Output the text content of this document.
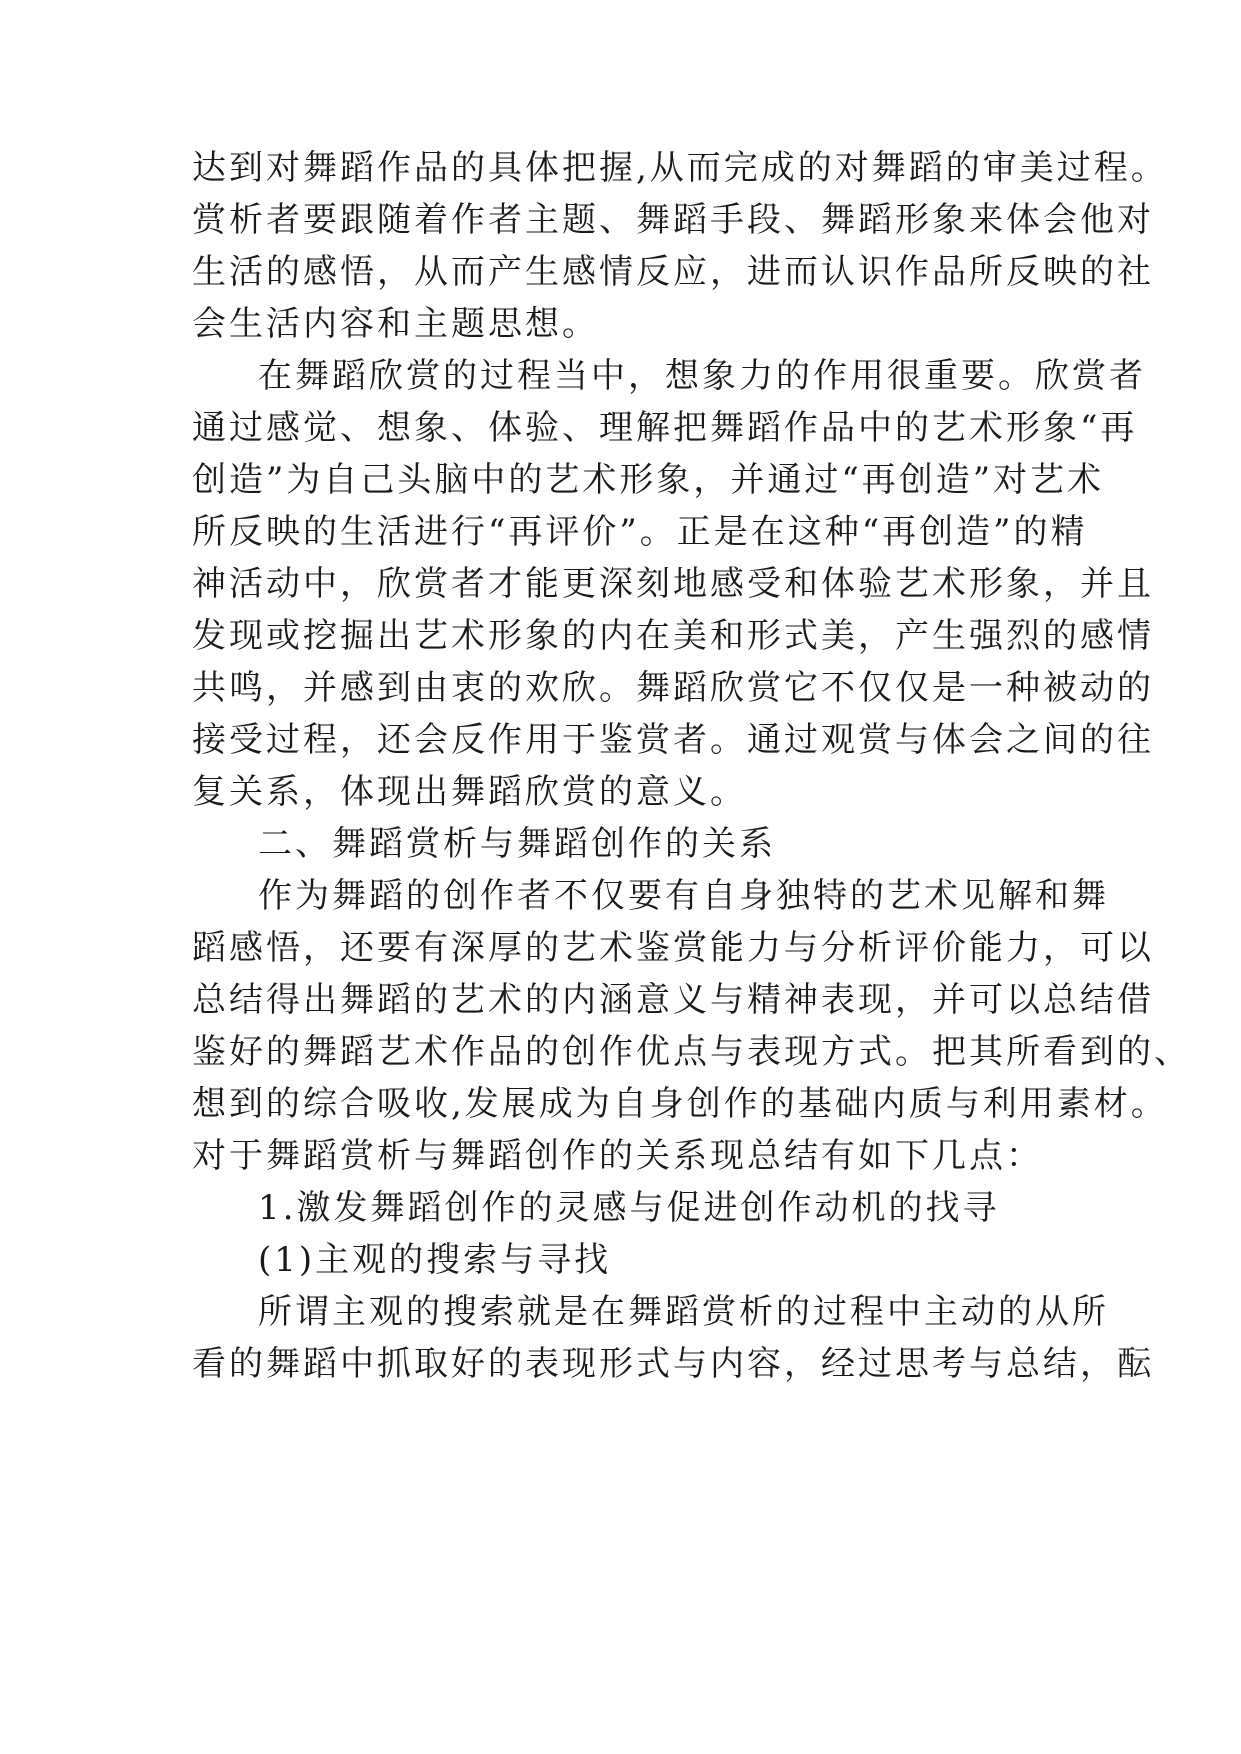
达到对舞蹈作品的具体把握,从而完成的对舞蹈的审美过程。
赏析者要跟随着作者主题、舞蹈手段、舞蹈形象来体会他对
生活的感悟，从而产生感情反应，进而认识作品所反映的社
会生活内容和主题思想。
在舞蹈欣赏的过程当中，想象力的作用很重要。欣赏者
通过感觉、想象、体验、理解把舞蹈作品中的艺术形象“再
创造”为自己头脑中的艺术形象，并通过“再创造”对艺术
所反映的生活进行“再评价”。正是在这种“再创造”的精
神活动中，欣赏者才能更深刻地感受和体验艺术形象，并且
发现或挖掘出艺术形象的内在美和形式美，产生强烈的感情
共鸣，并感到由衷的欢欣。舞蹈欣赏它不仅仅是一种被动的
接受过程，还会反作用于鉴赏者。通过观赏与体会之间的往
复关系，体现出舞蹈欣赏的意义。
二、舞蹈赏析与舞蹈创作的关系
作为舞蹈的创作者不仅要有自身独特的艺术见解和舞
蹈感悟，还要有深厚的艺术鉴赏能力与分析评价能力，可以
总结得出舞蹈的艺术的内涵意义与精神表现，并可以总结借
鉴好的舞蹈艺术作品的创作优点与表现方式。把其所看到的、
想到的综合吸收,发展成为自身创作的基础内质与利用素材。
对于舞蹈赏析与舞蹈创作的关系现总结有如下几点：
1.激发舞蹈创作的灵感与促进创作动机的找寻
(1)主观的搜索与寻找
所谓主观的搜索就是在舞蹈赏析的过程中主动的从所
看的舞蹈中抓取好的表现形式与内容，经过思考与总结，酝
